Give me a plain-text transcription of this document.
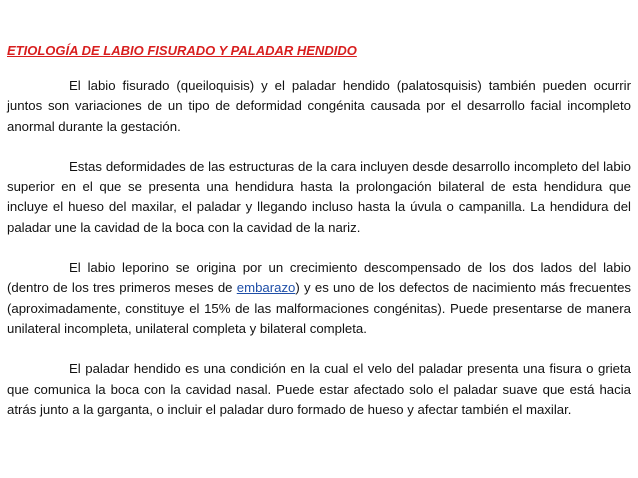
ETIOLOGÍA DE LABIO FISURADO Y PALADAR HENDIDO

El labio fisurado (queiloquisis) y el paladar hendido (palatosquisis) también pueden ocurrir juntos son variaciones de un tipo de deformidad congénita causada por el desarrollo facial incompleto anormal durante la gestación.

Estas deformidades de las estructuras de la cara incluyen desde desarrollo incompleto del labio superior en el que se presenta una hendidura hasta la prolongación bilateral de esta hendidura que incluye el hueso del maxilar, el paladar y llegando incluso hasta la úvula o campanilla. La hendidura del paladar une la cavidad de la boca con la cavidad de la nariz.

El labio leporino se origina por un crecimiento descompensado de los dos lados del labio (dentro de los tres primeros meses de embarazo) y es uno de los defectos de nacimiento más frecuentes (aproximadamente, constituye el 15% de las malformaciones congénitas). Puede presentarse de manera unilateral incompleta, unilateral completa y bilateral completa.

El paladar hendido es una condición en la cual el velo del paladar presenta una fisura o grieta que comunica la boca con la cavidad nasal. Puede estar afectado solo el paladar suave que está hacia atrás junto a la garganta, o incluir el paladar duro formado de hueso y afectar también el maxilar.
